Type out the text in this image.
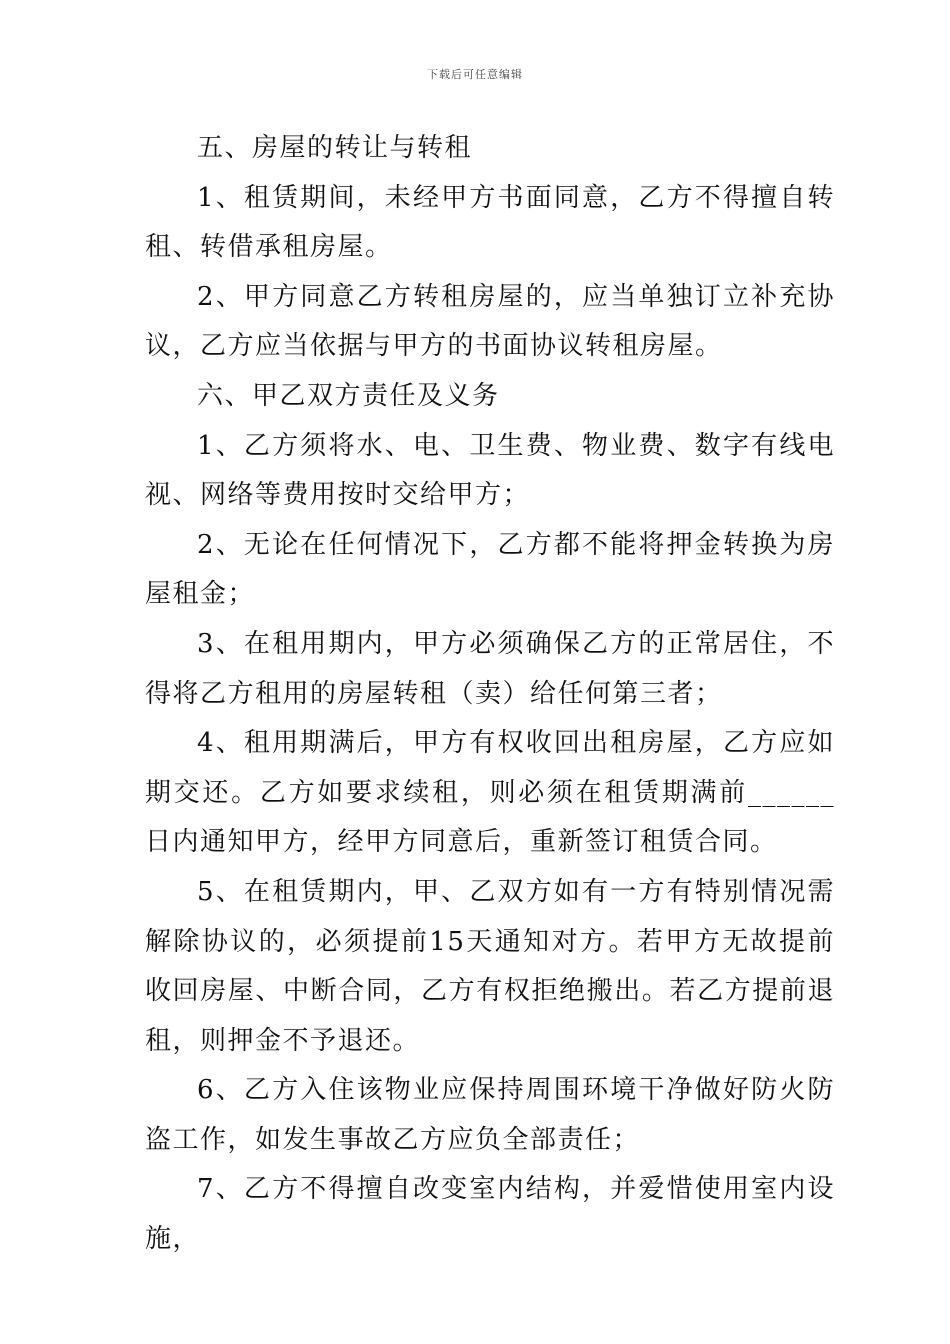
下载后可任意编辑

五、房屋的转让与转租

1、租赁期间，未经甲方书面同意，乙方不得擅自转租、转借承租房屋。

2、甲方同意乙方转租房屋的，应当单独订立补充协议，乙方应当依据与甲方的书面协议转租房屋。

六、甲乙双方责任及义务

1、乙方须将水、电、卫生费、物业费、数字有线电视、网络等费用按时交给甲方；

2、无论在任何情况下，乙方都不能将押金转换为房屋租金；

3、在租用期内，甲方必须确保乙方的正常居住，不得将乙方租用的房屋转租（卖）给任何第三者；

4、租用期满后，甲方有权收回出租房屋，乙方应如期交还。乙方如要求续租，则必须在租赁期满前______日内通知甲方，经甲方同意后，重新签订租赁合同。

5、在租赁期内，甲、乙双方如有一方有特别情况需解除协议的，必须提前15天通知对方。若甲方无故提前收回房屋、中断合同，乙方有权拒绝搬出。若乙方提前退租，则押金不予退还。

6、乙方入住该物业应保持周围环境干净做好防火防盗工作，如发生事故乙方应负全部责任；

7、乙方不得擅自改变室内结构，并爱惜使用室内设施，
